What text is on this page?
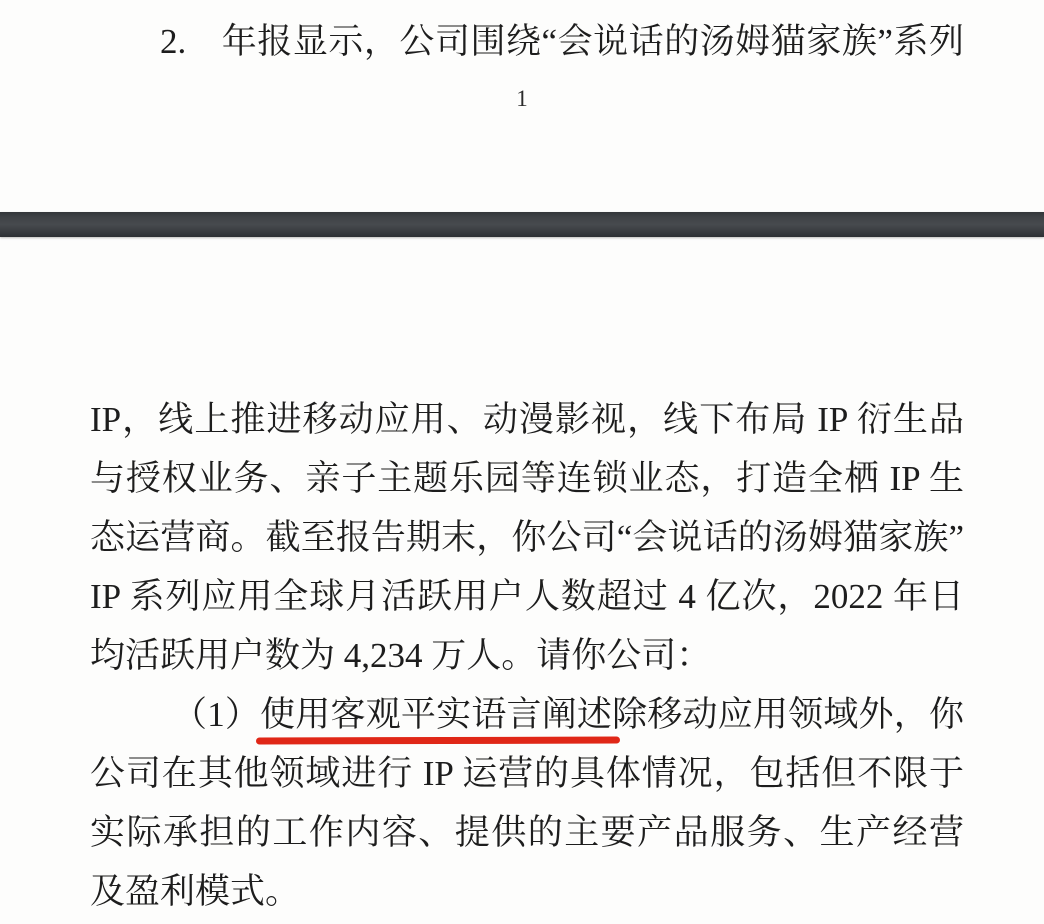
2. 年报显示，公司围绕“会说话的汤姆猫家族”系列

1

IP，线上推进移动应用、动漫影视，线下布局 IP 衍生品与授权业务、亲子主题乐园等连锁业态，打造全栖 IP 生态运营商。截至报告期末，你公司“会说话的汤姆猫家族”IP 系列应用全球月活跃用户人数超过 4 亿次，2022 年日均活跃用户数为 4,234 万人。请你公司：

（1）使用客观平实语言阐述除移动应用领域外，你公司在其他领域进行 IP 运营的具体情况，包括但不限于实际承担的工作内容、提供的主要产品服务、生产经营及盈利模式。
